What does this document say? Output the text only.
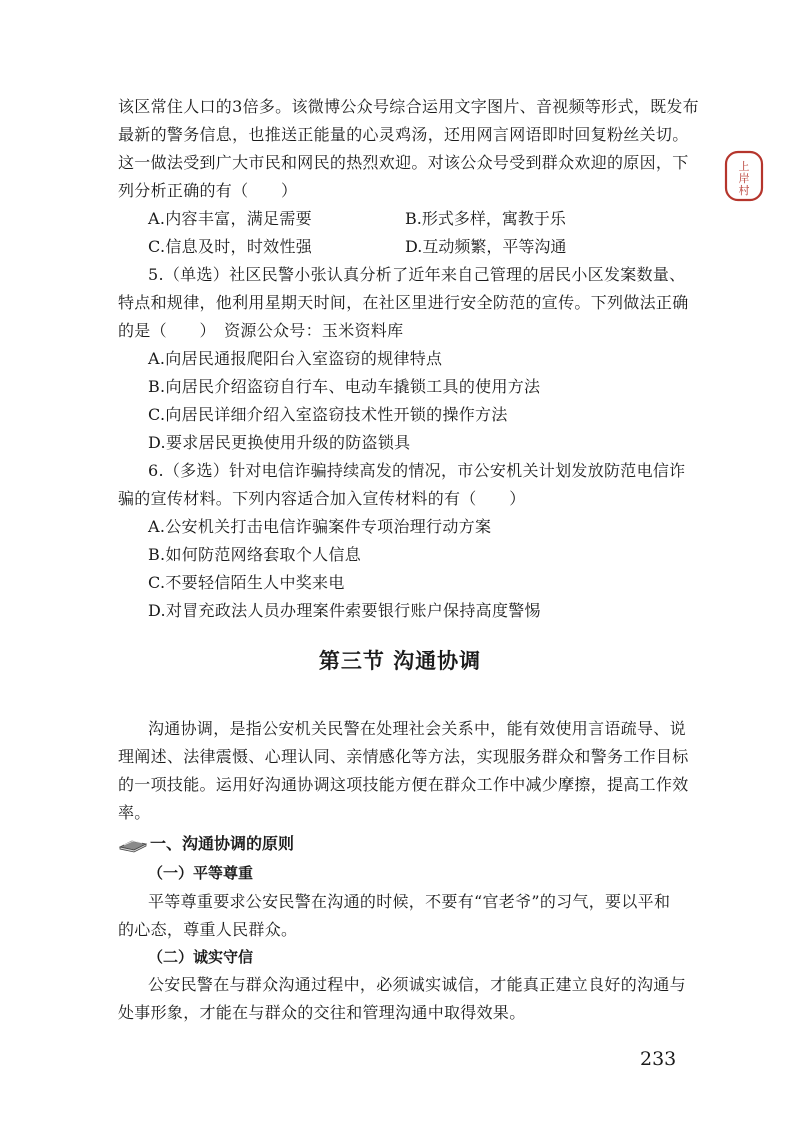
该区常住人口的3倍多。该微博公众号综合运用文字图片、音视频等形式，既发布
最新的警务信息，也推送正能量的心灵鸡汤，还用网言网语即时回复粉丝关切。
这一做法受到广大市民和网民的热烈欢迎。对该公众号受到群众欢迎的原因，下
列分析正确的有（　　）
A.内容丰富，满足需要	B.形式多样，寓教于乐
C.信息及时，时效性强	D.互动频繁，平等沟通
5.（单选）社区民警小张认真分析了近年来自己管理的居民小区发案数量、
特点和规律，他利用星期天时间，在社区里进行安全防范的宣传。下列做法正确
的是（　　）　资源公众号：玉米资料库
A.向居民通报爬阳台入室盗窃的规律特点
B.向居民介绍盗窃自行车、电动车撬锁工具的使用方法
C.向居民详细介绍入室盗窃技术性开锁的操作方法
D.要求居民更换使用升级的防盗锁具
6.（多选）针对电信诈骗持续高发的情况，市公安机关计划发放防范电信诈
骗的宣传材料。下列内容适合加入宣传材料的有（　　）
A.公安机关打击电信诈骗案件专项治理行动方案
B.如何防范网络套取个人信息
C.不要轻信陌生人中奖来电
D.对冒充政法人员办理案件索要银行账户保持高度警惕
第三节 沟通协调
沟通协调，是指公安机关民警在处理社会关系中，能有效使用言语疏导、说
理阐述、法律震慑、心理认同、亲情感化等方法，实现服务群众和警务工作目标
的一项技能。运用好沟通协调这项技能方便在群众工作中减少摩擦，提高工作效
率。
一、沟通协调的原则
（一）平等尊重
平等尊重要求公安民警在沟通的时候，不要有“官老爷”的习气，要以平和
的心态，尊重人民群众。
（二）诚实守信
公安民警在与群众沟通过程中，必须诚实诚信，才能真正建立良好的沟通与
处事形象，才能在与群众的交往和管理沟通中取得效果。
233
上
岸
村
